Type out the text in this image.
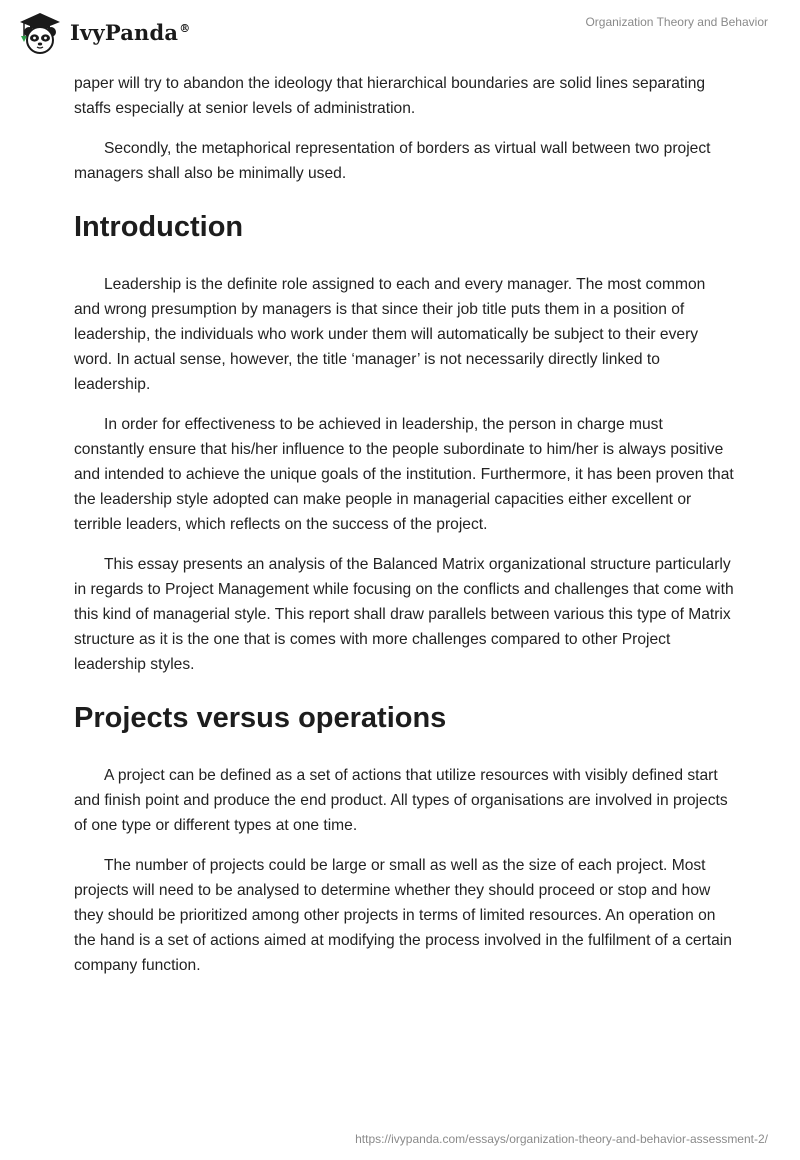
IvyPanda®	Organization Theory and Behavior

paper will try to abandon the ideology that hierarchical boundaries are solid lines separating staffs especially at senior levels of administration.

Secondly, the metaphorical representation of borders as virtual wall between two project managers shall also be minimally used.

Introduction

Leadership is the definite role assigned to each and every manager. The most common and wrong presumption by managers is that since their job title puts them in a position of leadership, the individuals who work under them will automatically be subject to their every word. In actual sense, however, the title ‘manager’ is not necessarily directly linked to leadership.

In order for effectiveness to be achieved in leadership, the person in charge must constantly ensure that his/her influence to the people subordinate to him/her is always positive and intended to achieve the unique goals of the institution. Furthermore, it has been proven that the leadership style adopted can make people in managerial capacities either excellent or terrible leaders, which reflects on the success of the project.

This essay presents an analysis of the Balanced Matrix organizational structure particularly in regards to Project Management while focusing on the conflicts and challenges that come with this kind of managerial style. This report shall draw parallels between various this type of Matrix structure as it is the one that is comes with more challenges compared to other Project leadership styles.

Projects versus operations

A project can be defined as a set of actions that utilize resources with visibly defined start and finish point and produce the end product. All types of organisations are involved in projects of one type or different types at one time.

The number of projects could be large or small as well as the size of each project. Most projects will need to be analysed to determine whether they should proceed or stop and how they should be prioritized among other projects in terms of limited resources. An operation on the hand is a set of actions aimed at modifying the process involved in the fulfilment of a certain company function.

https://ivypanda.com/essays/organization-theory-and-behavior-assessment-2/
